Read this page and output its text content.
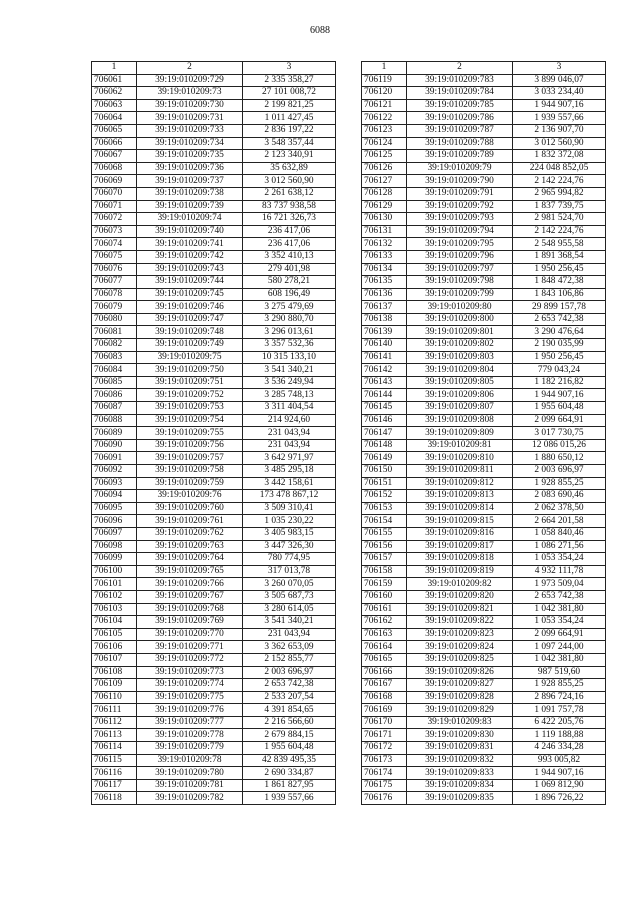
6088
1	2	3
706061	39:19:010209:729	2 335 358,27
706062	39:19:010209:73	27 101 008,72
706063	39:19:010209:730	2 199 821,25
706064	39:19:010209:731	1 011 427,45
706065	39:19:010209:733	2 836 197,22
706066	39:19:010209:734	3 548 357,44
706067	39:19:010209:735	2 123 340,91
706068	39:19:010209:736	35 632,89
706069	39:19:010209:737	3 012 560,90
706070	39:19:010209:738	2 261 638,12
706071	39:19:010209:739	83 737 938,58
706072	39:19:010209:74	16 721 326,73
706073	39:19:010209:740	236 417,06
706074	39:19:010209:741	236 417,06
706075	39:19:010209:742	3 352 410,13
706076	39:19:010209:743	279 401,98
706077	39:19:010209:744	580 278,21
706078	39:19:010209:745	608 196,49
706079	39:19:010209:746	3 275 479,69
706080	39:19:010209:747	3 290 880,70
706081	39:19:010209:748	3 296 013,61
706082	39:19:010209:749	3 357 532,36
706083	39:19:010209:75	10 315 133,10
706084	39:19:010209:750	3 541 340,21
706085	39:19:010209:751	3 536 249,94
706086	39:19:010209:752	3 285 748,13
706087	39:19:010209:753	3 311 404,54
706088	39:19:010209:754	214 924,60
706089	39:19:010209:755	231 043,94
706090	39:19:010209:756	231 043,94
706091	39:19:010209:757	3 642 971,97
706092	39:19:010209:758	3 485 295,18
706093	39:19:010209:759	3 442 158,61
706094	39:19:010209:76	173 478 867,12
706095	39:19:010209:760	3 509 310,41
706096	39:19:010209:761	1 035 230,22
706097	39:19:010209:762	3 405 983,15
706098	39:19:010209:763	3 447 326,30
706099	39:19:010209:764	780 774,95
706100	39:19:010209:765	317 013,78
706101	39:19:010209:766	3 260 070,05
706102	39:19:010209:767	3 505 687,73
706103	39:19:010209:768	3 280 614,05
706104	39:19:010209:769	3 541 340,21
706105	39:19:010209:770	231 043,94
706106	39:19:010209:771	3 362 653,09
706107	39:19:010209:772	2 152 855,77
706108	39:19:010209:773	2 003 696,97
706109	39:19:010209:774	2 653 742,38
706110	39:19:010209:775	2 533 207,54
706111	39:19:010209:776	4 391 854,65
706112	39:19:010209:777	2 216 566,60
706113	39:19:010209:778	2 679 884,15
706114	39:19:010209:779	1 955 604,48
706115	39:19:010209:78	42 839 495,35
706116	39:19:010209:780	2 690 334,87
706117	39:19:010209:781	1 861 827,95
706118	39:19:010209:782	1 939 557,66
1	2	3
706119	39:19:010209:783	3 899 046,07
706120	39:19:010209:784	3 033 234,40
706121	39:19:010209:785	1 944 907,16
706122	39:19:010209:786	1 939 557,66
706123	39:19:010209:787	2 136 907,70
706124	39:19:010209:788	3 012 560,90
706125	39:19:010209:789	1 832 372,08
706126	39:19:010209:79	224 048 852,05
706127	39:19:010209:790	2 142 224,76
706128	39:19:010209:791	2 965 994,82
706129	39:19:010209:792	1 837 739,75
706130	39:19:010209:793	2 981 524,70
706131	39:19:010209:794	2 142 224,76
706132	39:19:010209:795	2 548 955,58
706133	39:19:010209:796	1 891 368,54
706134	39:19:010209:797	1 950 256,45
706135	39:19:010209:798	1 848 472,38
706136	39:19:010209:799	1 843 106,86
706137	39:19:010209:80	29 899 157,78
706138	39:19:010209:800	2 653 742,38
706139	39:19:010209:801	3 290 476,64
706140	39:19:010209:802	2 190 035,99
706141	39:19:010209:803	1 950 256,45
706142	39:19:010209:804	779 043,24
706143	39:19:010209:805	1 182 216,82
706144	39:19:010209:806	1 944 907,16
706145	39:19:010209:807	1 955 604,48
706146	39:19:010209:808	2 099 664,91
706147	39:19:010209:809	3 017 730,75
706148	39:19:010209:81	12 086 015,26
706149	39:19:010209:810	1 880 650,12
706150	39:19:010209:811	2 003 696,97
706151	39:19:010209:812	1 928 855,25
706152	39:19:010209:813	2 083 690,46
706153	39:19:010209:814	2 062 378,50
706154	39:19:010209:815	2 664 201,58
706155	39:19:010209:816	1 058 840,46
706156	39:19:010209:817	1 086 271,56
706157	39:19:010209:818	1 053 354,24
706158	39:19:010209:819	4 932 111,78
706159	39:19:010209:82	1 973 509,04
706160	39:19:010209:820	2 653 742,38
706161	39:19:010209:821	1 042 381,80
706162	39:19:010209:822	1 053 354,24
706163	39:19:010209:823	2 099 664,91
706164	39:19:010209:824	1 097 244,00
706165	39:19:010209:825	1 042 381,80
706166	39:19:010209:826	987 519,60
706167	39:19:010209:827	1 928 855,25
706168	39:19:010209:828	2 896 724,16
706169	39:19:010209:829	1 091 757,78
706170	39:19:010209:83	6 422 205,76
706171	39:19:010209:830	1 119 188,88
706172	39:19:010209:831	4 246 334,28
706173	39:19:010209:832	993 005,82
706174	39:19:010209:833	1 944 907,16
706175	39:19:010209:834	1 069 812,90
706176	39:19:010209:835	1 896 726,22
